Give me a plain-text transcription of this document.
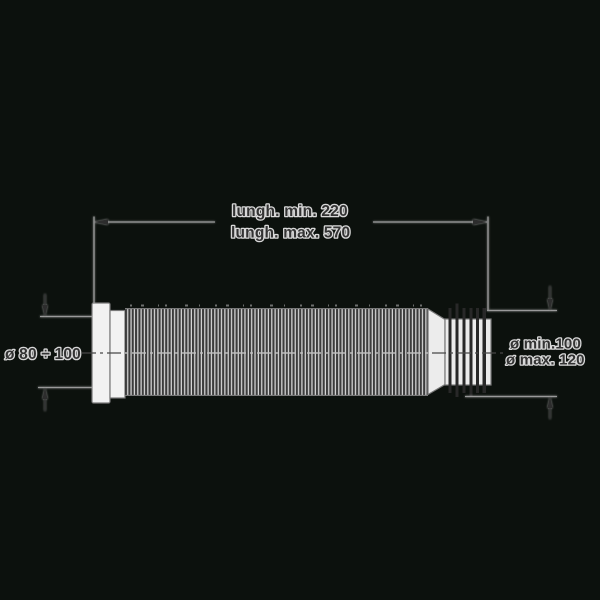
lungh. min. 220
lungh. max. 570
ø 80 ÷ 100
ø min.100
ø max. 120
